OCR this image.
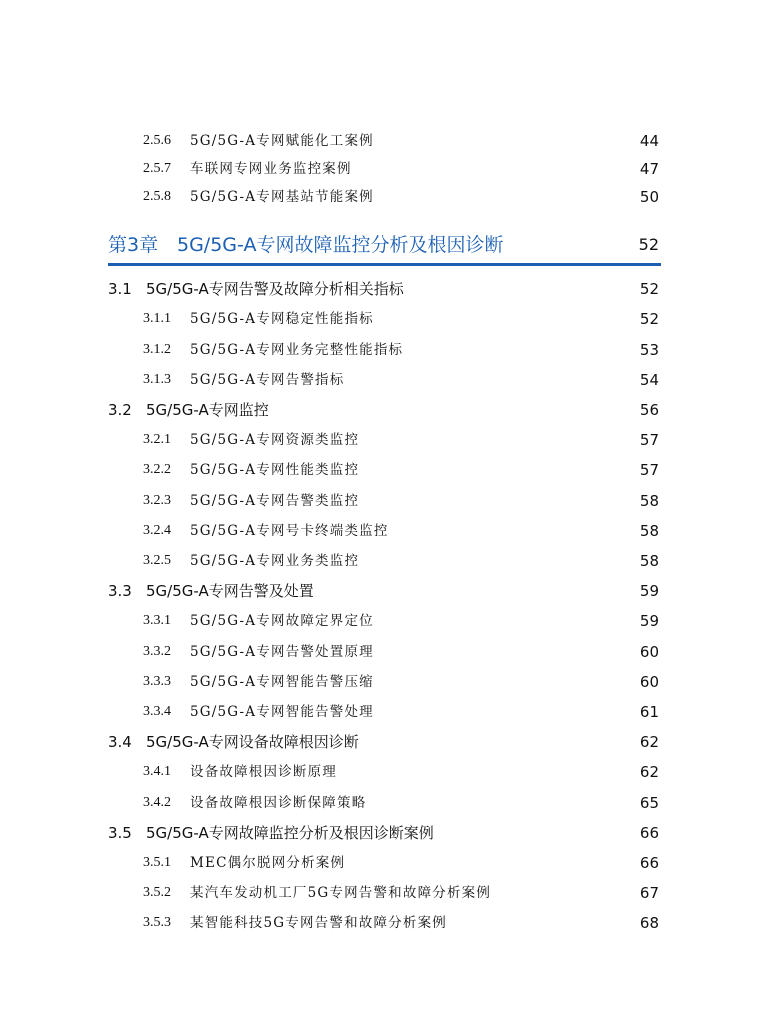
2.5.6 5G/5G-A专网赋能化工案例	44
2.5.7 车联网专网业务监控案例	47
2.5.8 5G/5G-A专网基站节能案例	50
第3章 5G/5G-A专网故障监控分析及根因诊断	52
3.1 5G/5G-A专网告警及故障分析相关指标	52
3.1.1 5G/5G-A专网稳定性能指标	52
3.1.2 5G/5G-A专网业务完整性能指标	53
3.1.3 5G/5G-A专网告警指标	54
3.2 5G/5G-A专网监控	56
3.2.1 5G/5G-A专网资源类监控	57
3.2.2 5G/5G-A专网性能类监控	57
3.2.3 5G/5G-A专网告警类监控	58
3.2.4 5G/5G-A专网号卡终端类监控	58
3.2.5 5G/5G-A专网业务类监控	58
3.3 5G/5G-A专网告警及处置	59
3.3.1 5G/5G-A专网故障定界定位	59
3.3.2 5G/5G-A专网告警处置原理	60
3.3.3 5G/5G-A专网智能告警压缩	60
3.3.4 5G/5G-A专网智能告警处理	61
3.4 5G/5G-A专网设备故障根因诊断	62
3.4.1 设备故障根因诊断原理	62
3.4.2 设备故障根因诊断保障策略	65
3.5 5G/5G-A专网故障监控分析及根因诊断案例	66
3.5.1 MEC偶尔脱网分析案例	66
3.5.2 某汽车发动机工厂5G专网告警和故障分析案例	67
3.5.3 某智能科技5G专网告警和故障分析案例	68
